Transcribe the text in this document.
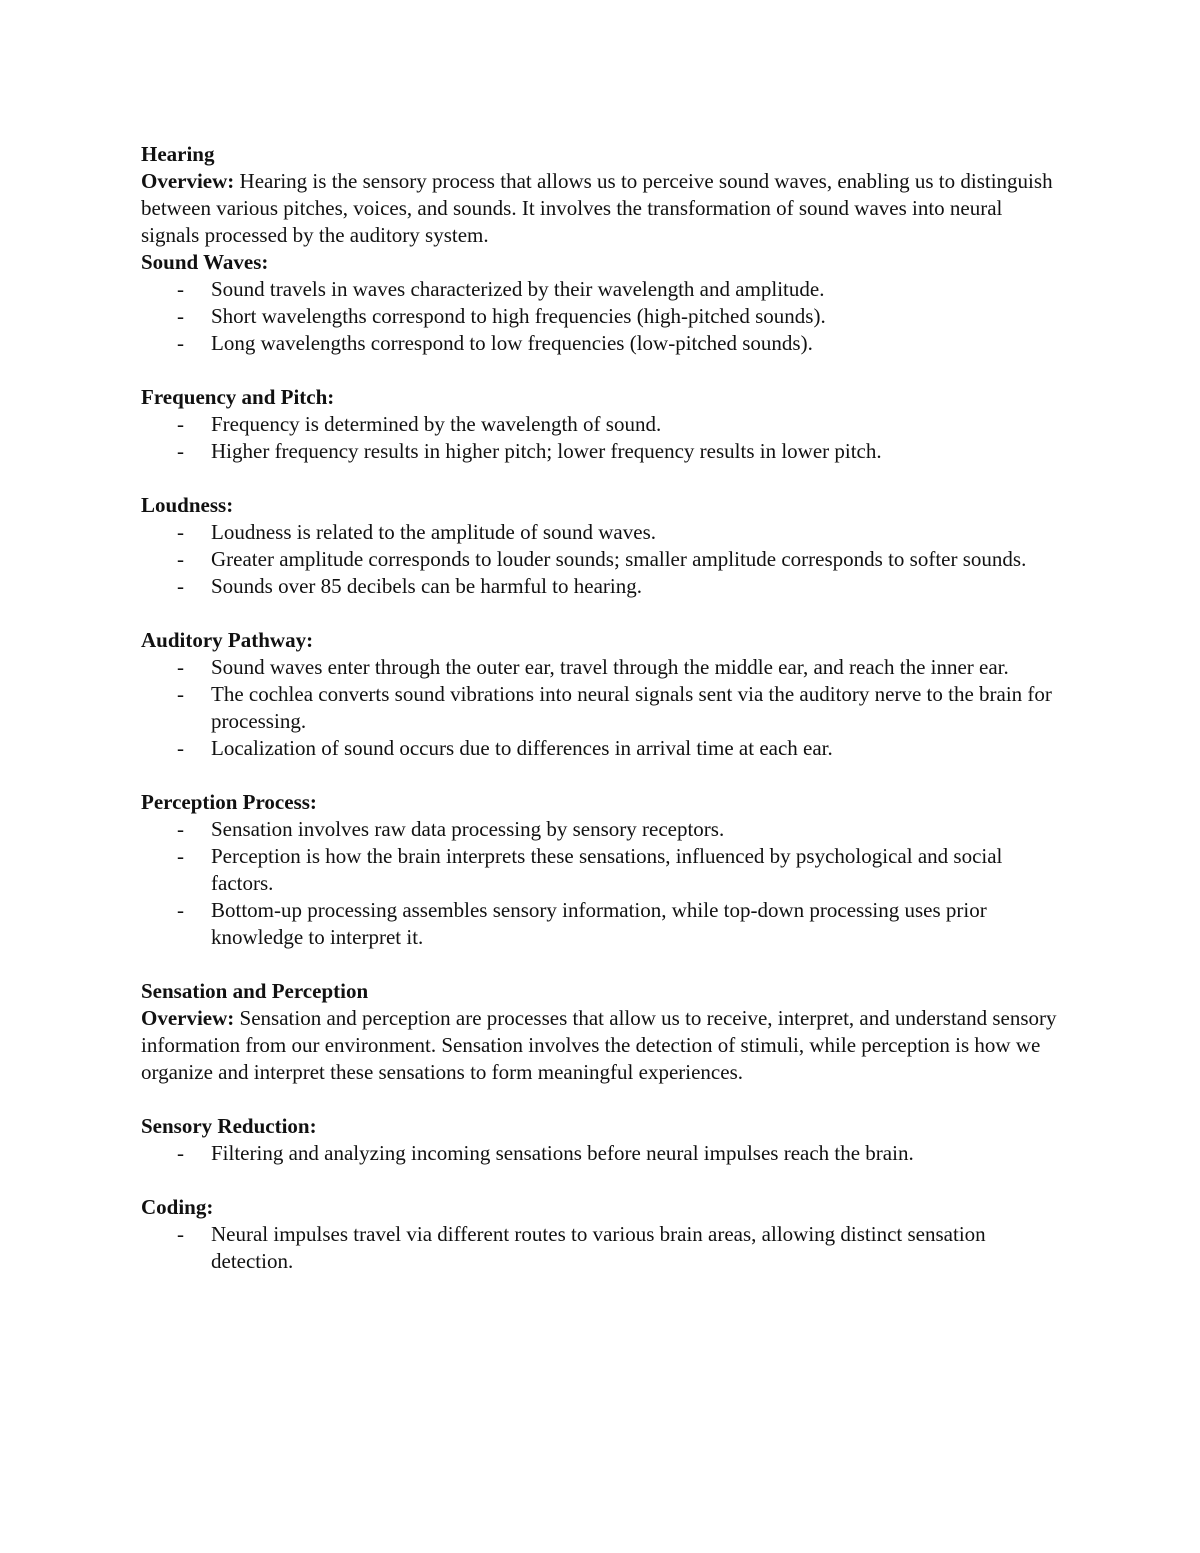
Hearing

Overview: Hearing is the sensory process that allows us to perceive sound waves, enabling us to distinguish between various pitches, voices, and sounds. It involves the transformation of sound waves into neural signals processed by the auditory system.

Sound Waves:
- Sound travels in waves characterized by their wavelength and amplitude.
- Short wavelengths correspond to high frequencies (high-pitched sounds).
- Long wavelengths correspond to low frequencies (low-pitched sounds).
Frequency and Pitch:
- Frequency is determined by the wavelength of sound.
- Higher frequency results in higher pitch; lower frequency results in lower pitch.
Loudness:
- Loudness is related to the amplitude of sound waves.
- Greater amplitude corresponds to louder sounds; smaller amplitude corresponds to softer sounds.
- Sounds over 85 decibels can be harmful to hearing.
Auditory Pathway:
- Sound waves enter through the outer ear, travel through the middle ear, and reach the inner ear.
- The cochlea converts sound vibrations into neural signals sent via the auditory nerve to the brain for processing.
- Localization of sound occurs due to differences in arrival time at each ear.
Perception Process:
- Sensation involves raw data processing by sensory receptors.
- Perception is how the brain interprets these sensations, influenced by psychological and social factors.
- Bottom-up processing assembles sensory information, while top-down processing uses prior knowledge to interpret it.
Sensation and Perception

Overview: Sensation and perception are processes that allow us to receive, interpret, and understand sensory information from our environment. Sensation involves the detection of stimuli, while perception is how we organize and interpret these sensations to form meaningful experiences.

Sensory Reduction:
- Filtering and analyzing incoming sensations before neural impulses reach the brain.
Coding:
- Neural impulses travel via different routes to various brain areas, allowing distinct sensation detection.
